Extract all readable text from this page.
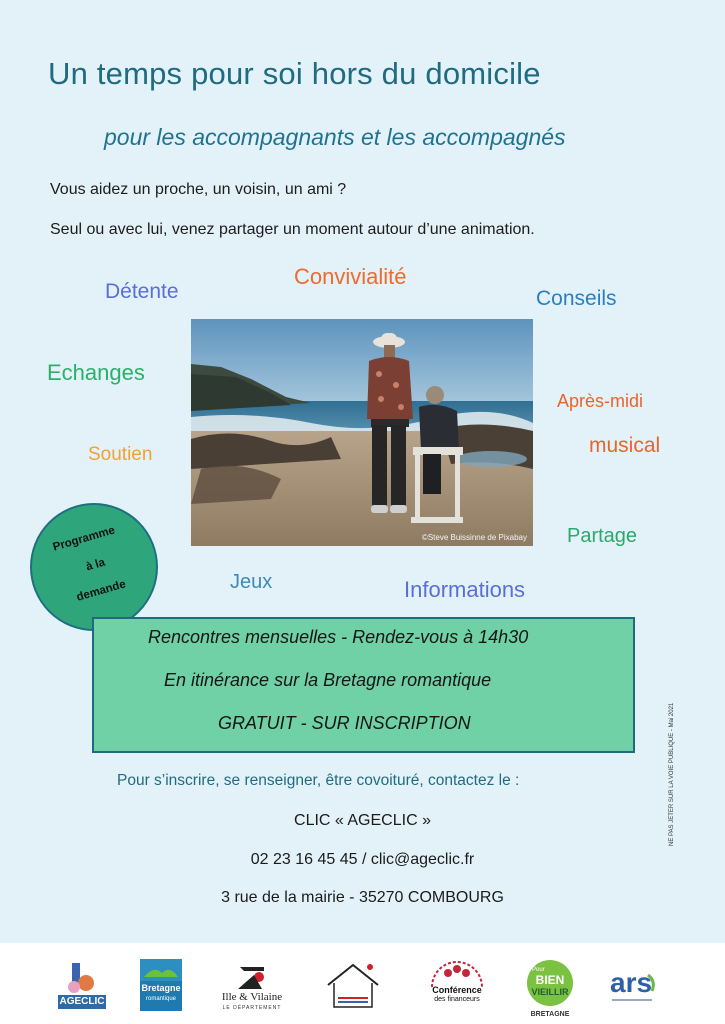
Un temps pour soi hors du domicile
pour les accompagnants et les accompagnés
Vous aidez un proche, un voisin, un ami ?
Seul ou avec lui, venez partager un moment autour d’une animation.
Détente
Convivialité
Conseils
Echanges
Après-midi
musical
Soutien
Partage
Jeux	Informations
©Steve Buissinne de Pixabay
Programme
à la
demande
Rencontres mensuelles - Rendez-vous à 14h30
En itinérance sur la Bretagne romantique
GRATUIT - SUR INSCRIPTION
Pour s’inscrire, se renseigner, être covoituré, contactez le :
CLIC « AGECLIC »
02 23 16 45 45 / clic@ageclic.fr
3 rue de la mairie - 35270 COMBOURG
NE PAS JETER SUR LA VOIE PUBLIQUE - Mai 2021
AGECLIC
Bretagne
romantique	Ille & Vilaine
LE DÉPARTEMENT
Conférence
des financeurs
Pour
BIEN
VIEILLIR
BRETAGNE
ars
